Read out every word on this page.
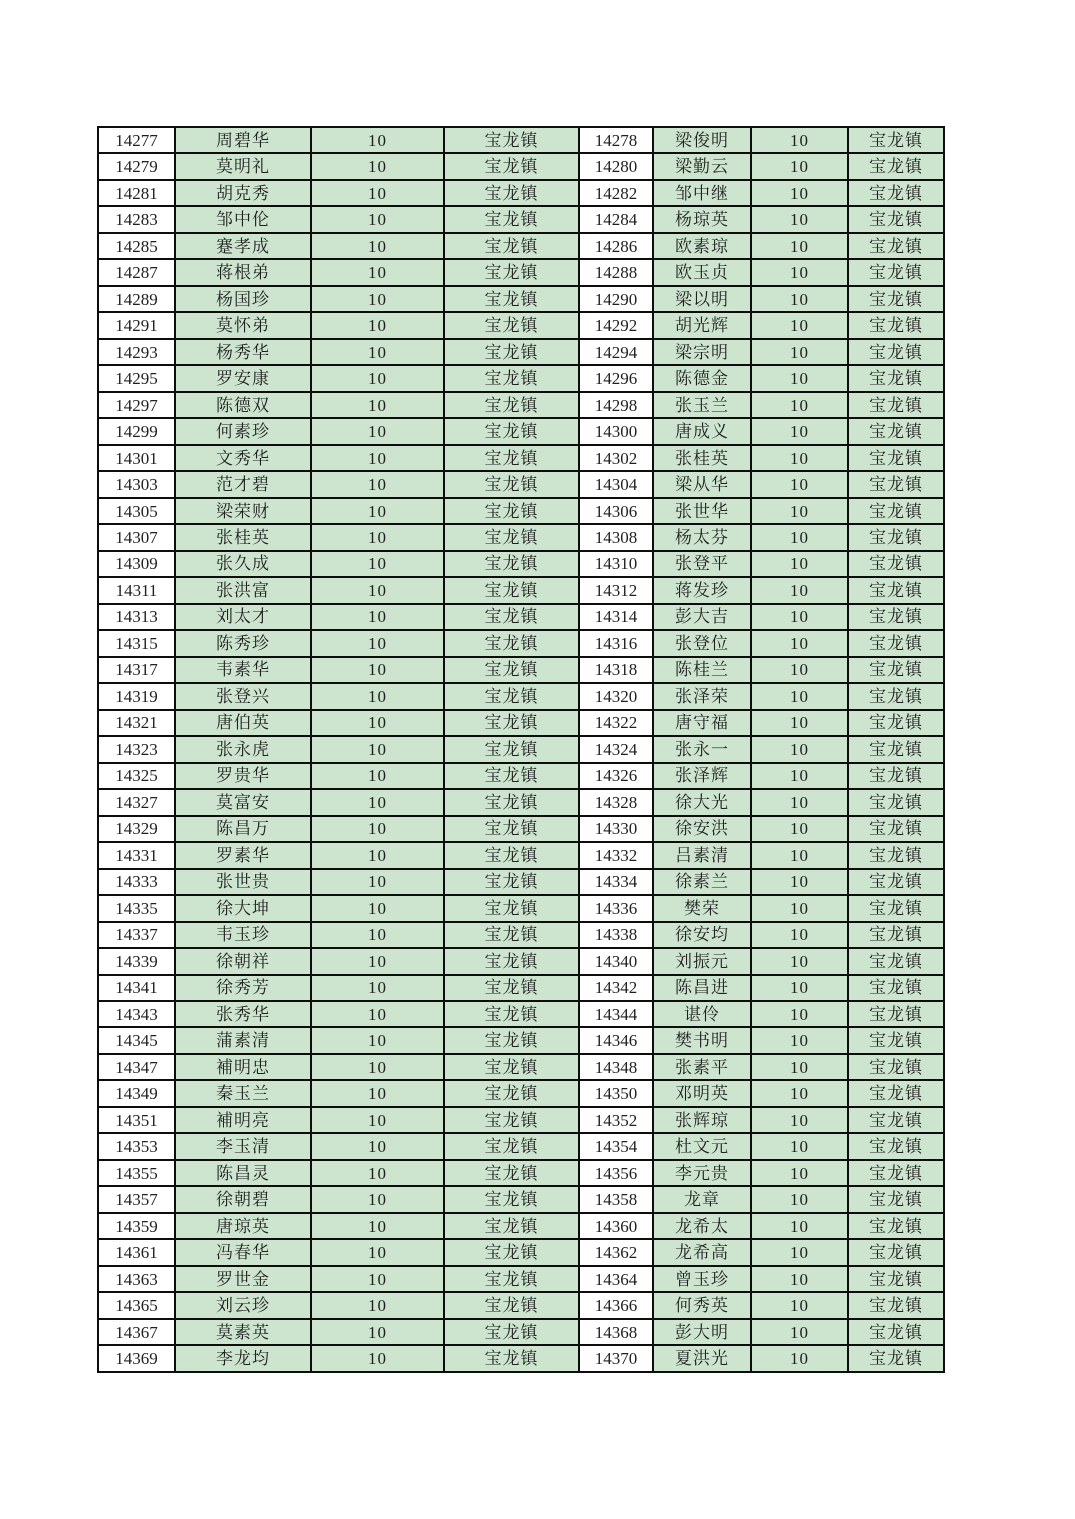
14277	周碧华	10	宝龙镇	14278	梁俊明	10	宝龙镇
14279	莫明礼	10	宝龙镇	14280	梁勤云	10	宝龙镇
14281	胡克秀	10	宝龙镇	14282	邹中继	10	宝龙镇
14283	邹中伦	10	宝龙镇	14284	杨琼英	10	宝龙镇
14285	蹇孝成	10	宝龙镇	14286	欧素琼	10	宝龙镇
14287	蒋根弟	10	宝龙镇	14288	欧玉贞	10	宝龙镇
14289	杨国珍	10	宝龙镇	14290	梁以明	10	宝龙镇
14291	莫怀弟	10	宝龙镇	14292	胡光辉	10	宝龙镇
14293	杨秀华	10	宝龙镇	14294	梁宗明	10	宝龙镇
14295	罗安康	10	宝龙镇	14296	陈德金	10	宝龙镇
14297	陈德双	10	宝龙镇	14298	张玉兰	10	宝龙镇
14299	何素珍	10	宝龙镇	14300	唐成义	10	宝龙镇
14301	文秀华	10	宝龙镇	14302	张桂英	10	宝龙镇
14303	范才碧	10	宝龙镇	14304	梁从华	10	宝龙镇
14305	梁荣财	10	宝龙镇	14306	张世华	10	宝龙镇
14307	张桂英	10	宝龙镇	14308	杨太芬	10	宝龙镇
14309	张久成	10	宝龙镇	14310	张登平	10	宝龙镇
14311	张洪富	10	宝龙镇	14312	蒋发珍	10	宝龙镇
14313	刘太才	10	宝龙镇	14314	彭大吉	10	宝龙镇
14315	陈秀珍	10	宝龙镇	14316	张登位	10	宝龙镇
14317	韦素华	10	宝龙镇	14318	陈桂兰	10	宝龙镇
14319	张登兴	10	宝龙镇	14320	张泽荣	10	宝龙镇
14321	唐伯英	10	宝龙镇	14322	唐守福	10	宝龙镇
14323	张永虎	10	宝龙镇	14324	张永一	10	宝龙镇
14325	罗贵华	10	宝龙镇	14326	张泽辉	10	宝龙镇
14327	莫富安	10	宝龙镇	14328	徐大光	10	宝龙镇
14329	陈昌万	10	宝龙镇	14330	徐安洪	10	宝龙镇
14331	罗素华	10	宝龙镇	14332	吕素清	10	宝龙镇
14333	张世贵	10	宝龙镇	14334	徐素兰	10	宝龙镇
14335	徐大坤	10	宝龙镇	14336	樊荣	10	宝龙镇
14337	韦玉珍	10	宝龙镇	14338	徐安均	10	宝龙镇
14339	徐朝祥	10	宝龙镇	14340	刘振元	10	宝龙镇
14341	徐秀芳	10	宝龙镇	14342	陈昌进	10	宝龙镇
14343	张秀华	10	宝龙镇	14344	谌伶	10	宝龙镇
14345	蒲素清	10	宝龙镇	14346	樊书明	10	宝龙镇
14347	補明忠	10	宝龙镇	14348	张素平	10	宝龙镇
14349	秦玉兰	10	宝龙镇	14350	邓明英	10	宝龙镇
14351	補明亮	10	宝龙镇	14352	张辉琼	10	宝龙镇
14353	李玉清	10	宝龙镇	14354	杜文元	10	宝龙镇
14355	陈昌灵	10	宝龙镇	14356	李元贵	10	宝龙镇
14357	徐朝碧	10	宝龙镇	14358	龙章	10	宝龙镇
14359	唐琼英	10	宝龙镇	14360	龙希太	10	宝龙镇
14361	冯春华	10	宝龙镇	14362	龙希高	10	宝龙镇
14363	罗世金	10	宝龙镇	14364	曾玉珍	10	宝龙镇
14365	刘云珍	10	宝龙镇	14366	何秀英	10	宝龙镇
14367	莫素英	10	宝龙镇	14368	彭大明	10	宝龙镇
14369	李龙均	10	宝龙镇	14370	夏洪光	10	宝龙镇
